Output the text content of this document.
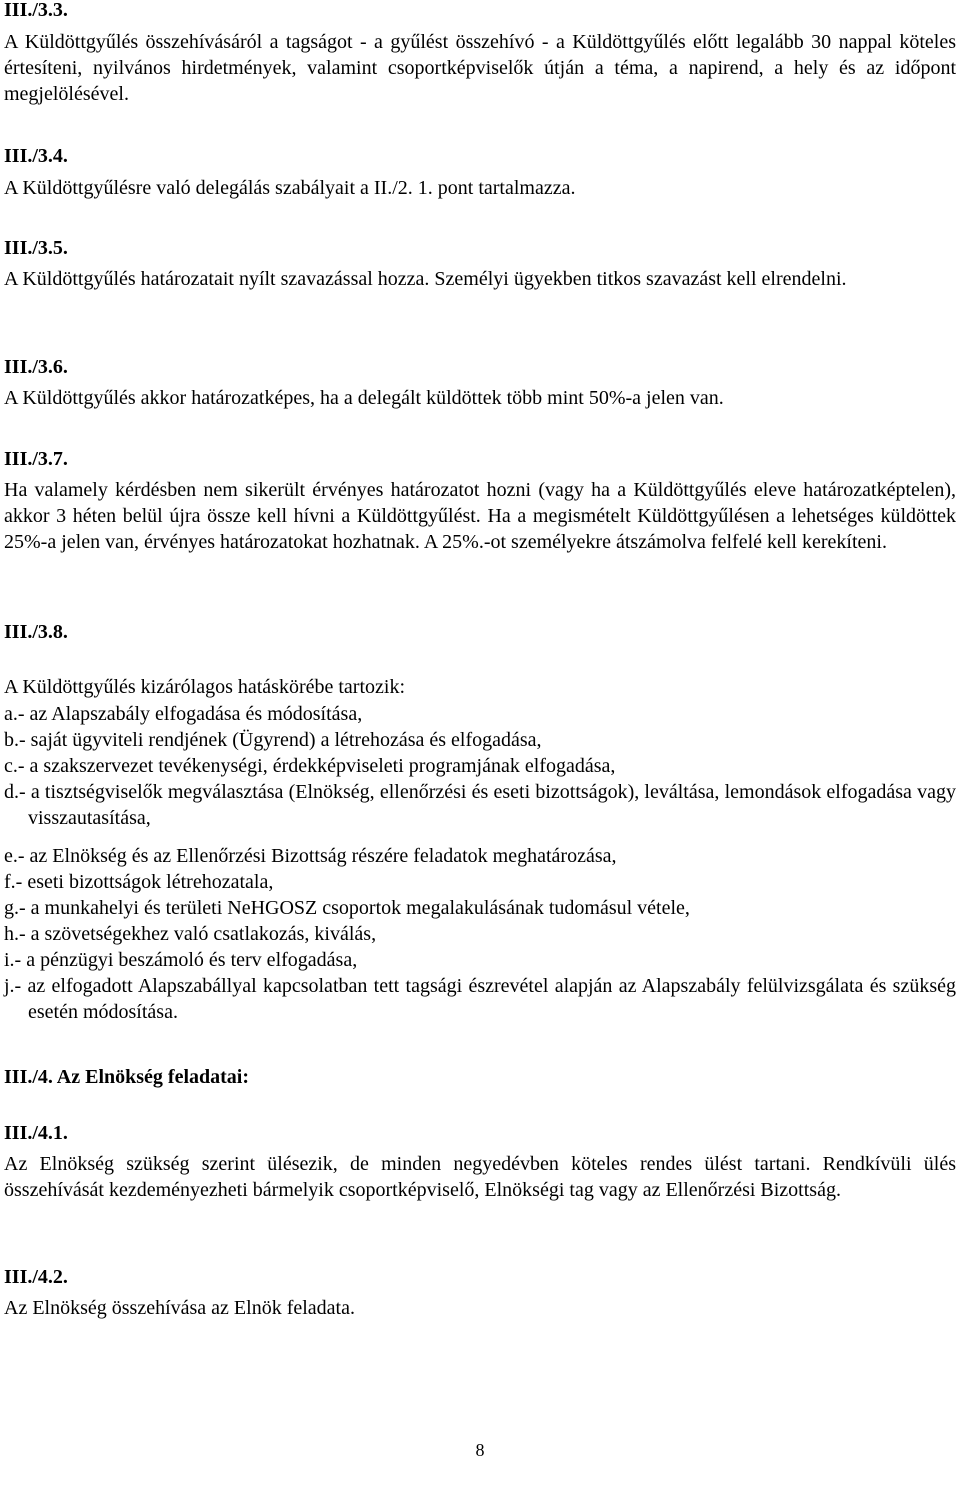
III./3.3.
A Küldöttgyűlés összehívásáról a tagságot - a gyűlést összehívó - a Küldöttgyűlés előtt legalább 30 nappal köteles értesíteni, nyilvános hirdetmények, valamint csoportképviselők útján a téma, a napirend, a hely és az időpont megjelölésével.
III./3.4.
A Küldöttgyűlésre való delegálás szabályait a II./2. 1. pont tartalmazza.
III./3.5.
A Küldöttgyűlés határozatait nyílt szavazással hozza. Személyi ügyekben titkos szavazást kell elrendelni.
III./3.6.
A Küldöttgyűlés akkor határozatképes, ha a delegált küldöttek több mint 50%-a jelen van.
III./3.7.
Ha valamely kérdésben nem sikerült érvényes határozatot hozni (vagy ha a Küldöttgyűlés eleve határozatképtelen), akkor 3 héten belül újra össze kell hívni a Küldöttgyűlést. Ha a megismételt Küldöttgyűlésen a lehetséges küldöttek 25%-a jelen van, érvényes határozatokat hozhatnak. A 25%.-ot személyekre átszámolva felfelé kell kerekíteni.
III./3.8.
A Küldöttgyűlés kizárólagos hatáskörébe tartozik:
a.- az Alapszabály elfogadása és módosítása,
b.- saját ügyviteli rendjének (Ügyrend) a létrehozása és elfogadása,
c.- a szakszervezet tevékenységi, érdekképviseleti programjának elfogadása,
d.- a tisztségviselők megválasztása (Elnökség, ellenőrzési és eseti bizottságok), leváltása, lemondások elfogadása vagy visszautasítása,
e.- az Elnökség és az Ellenőrzési Bizottság részére feladatok meghatározása,
f.- eseti bizottságok létrehozatala,
g.- a munkahelyi és területi NeHGOSZ csoportok megalakulásának tudomásul vétele,
h.- a szövetségekhez való csatlakozás, kiválás,
i.- a pénzügyi beszámoló és terv elfogadása,
j.- az elfogadott Alapszabállyal kapcsolatban tett tagsági észrevétel alapján az Alapszabály felülvizsgálata és szükség esetén módosítása.
III./4. Az Elnökség feladatai:
III./4.1.
Az Elnökség szükség szerint ülésezik, de minden negyedévben köteles rendes ülést tartani. Rendkívüli ülés összehívását kezdeményezheti bármelyik csoportképviselő, Elnökségi tag vagy az Ellenőrzési Bizottság.
III./4.2.
Az Elnökség összehívása az Elnök feladata.
8
